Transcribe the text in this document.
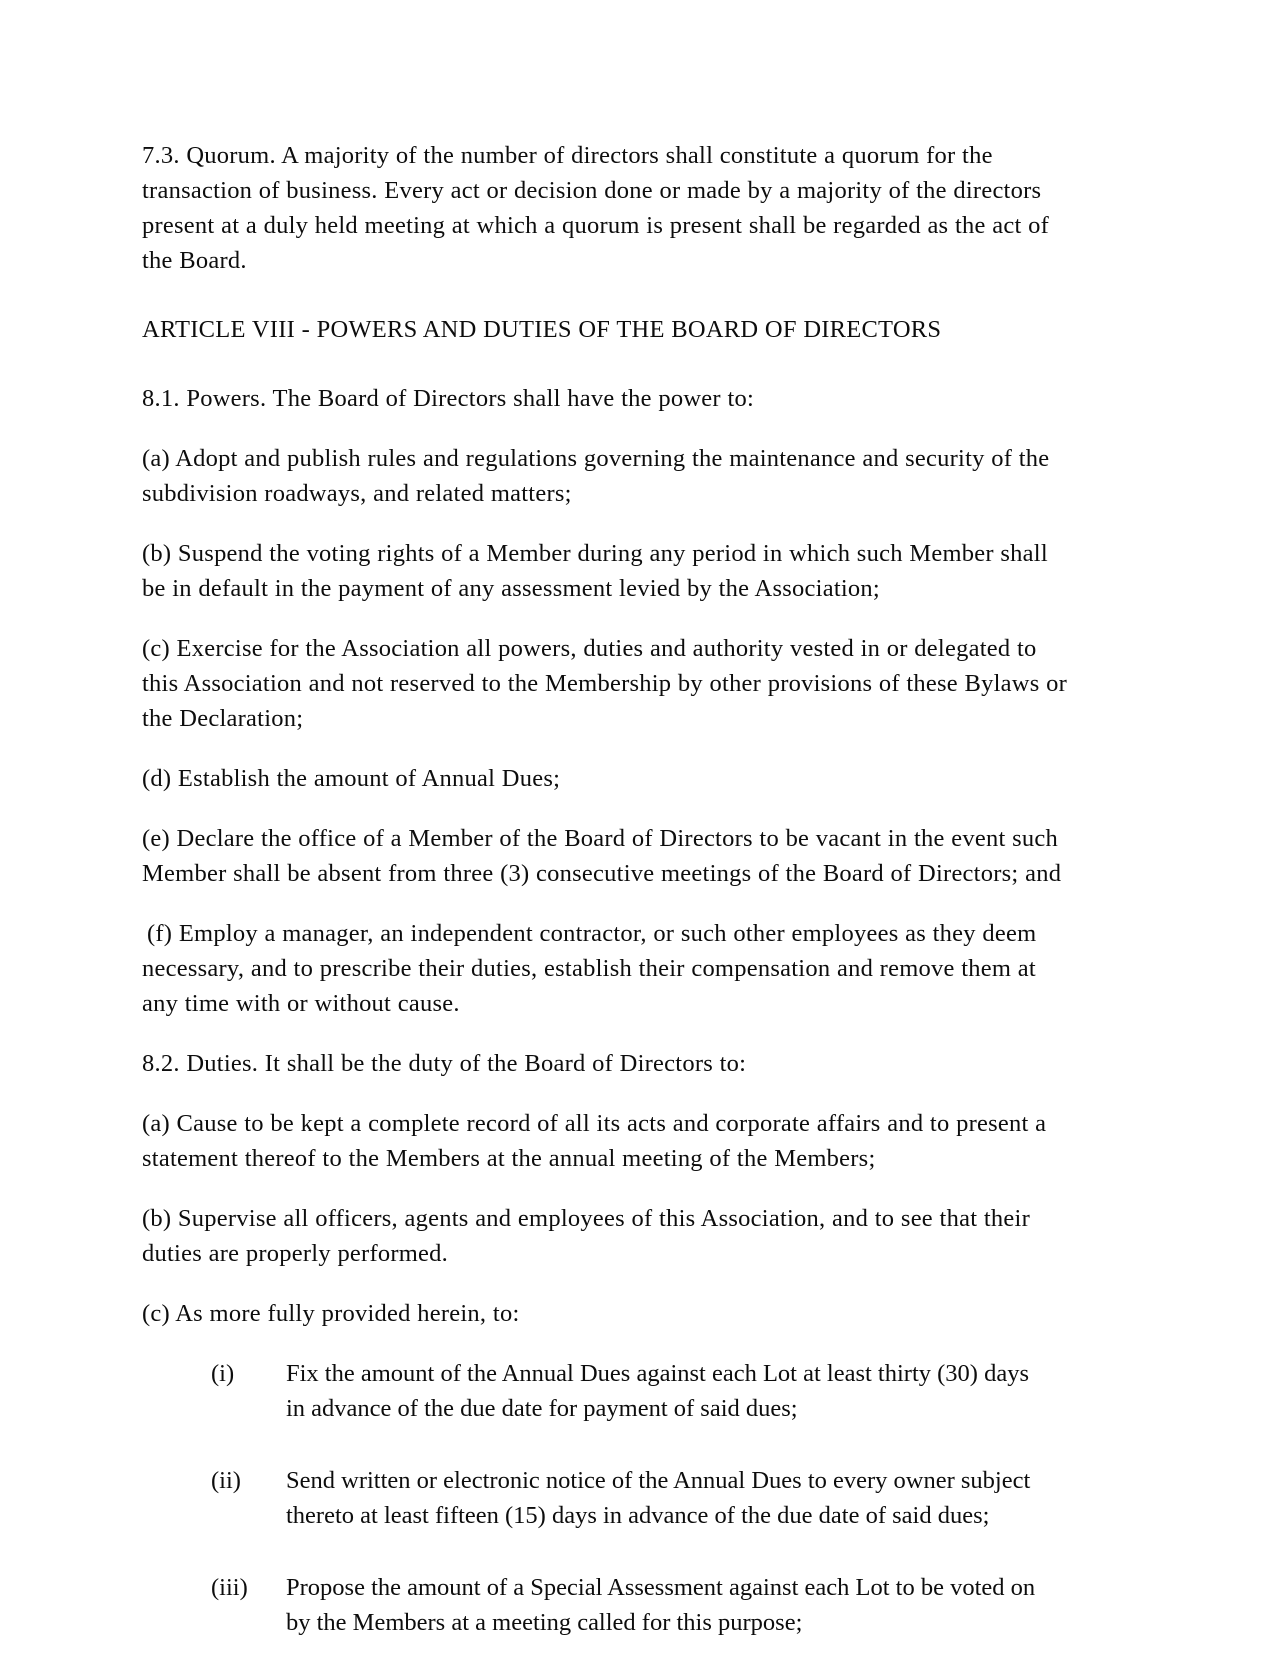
7.3. Quorum. A majority of the number of directors shall constitute a quorum for the transaction of business. Every act or decision done or made by a majority of the directors present at a duly held meeting at which a quorum is present shall be regarded as the act of the Board.

ARTICLE VIII - POWERS AND DUTIES OF THE BOARD OF DIRECTORS

8.1. Powers. The Board of Directors shall have the power to:

(a) Adopt and publish rules and regulations governing the maintenance and security of the subdivision roadways, and related matters;

(b) Suspend the voting rights of a Member during any period in which such Member shall be in default in the payment of any assessment levied by the Association;

(c) Exercise for the Association all powers, duties and authority vested in or delegated to this Association and not reserved to the Membership by other provisions of these Bylaws or the Declaration;

(d) Establish the amount of Annual Dues;

(e) Declare the office of a Member of the Board of Directors to be vacant in the event such Member shall be absent from three (3) consecutive meetings of the Board of Directors; and

(f) Employ a manager, an independent contractor, or such other employees as they deem necessary, and to prescribe their duties, establish their compensation and remove them at any time with or without cause.

8.2. Duties. It shall be the duty of the Board of Directors to:

(a) Cause to be kept a complete record of all its acts and corporate affairs and to present a statement thereof to the Members at the annual meeting of the Members;

(b) Supervise all officers, agents and employees of this Association, and to see that their duties are properly performed.

(c) As more fully provided herein, to:

(i)	Fix the amount of the Annual Dues against each Lot at least thirty (30) days in advance of the due date for payment of said dues;
(ii)	Send written or electronic notice of the Annual Dues to every owner subject thereto at least fifteen (15) days in advance of the due date of said dues;
(iii)	Propose the amount of a Special Assessment against each Lot to be voted on by the Members at a meeting called for this purpose;
